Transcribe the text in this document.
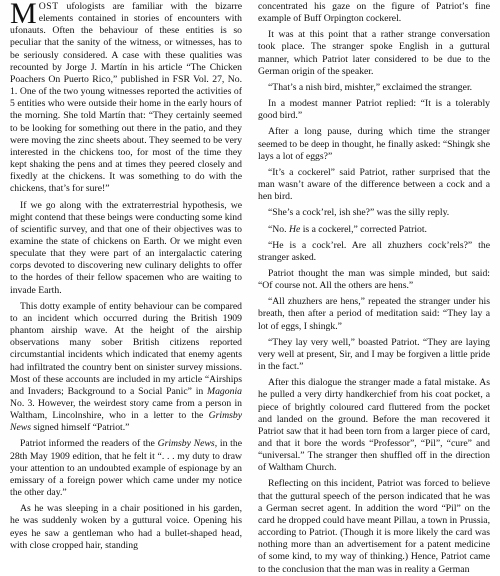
MOST ufologists are familiar with the bizarre elements contained in stories of encounters with ufonauts. Often the behaviour of these entities is so peculiar that the sanity of the witness, or witnesses, has to be seriously considered. A case with these qualities was recounted by Jorge J. Martín in his article “The Chicken Poachers On Puerto Rico,” published in FSR Vol. 27, No. 1. One of the two young witnesses reported the activities of 5 entities who were outside their home in the early hours of the morning. She told Martín that: “They certainly seemed to be looking for something out there in the patio, and they were moving the zinc sheets about. They seemed to be very interested in the chickens too, for most of the time they kept shaking the pens and at times they peered closely and fixedly at the chickens. It was something to do with the chickens, that’s for sure!”

If we go along with the extraterrestrial hypothesis, we might contend that these beings were conducting some kind of scientific survey, and that one of their objectives was to examine the state of chickens on Earth. Or we might even speculate that they were part of an intergalactic catering corps devoted to discovering new culinary delights to offer to the hordes of their fellow spacemen who are waiting to invade Earth.

This dotty example of entity behaviour can be compared to an incident which occurred during the British 1909 phantom airship wave. At the height of the airship observations many sober British citizens reported circumstantial incidents which indicated that enemy agents had infiltrated the country bent on sinister survey missions. Most of these accounts are included in my article “Airships and Invaders; Background to a Social Panic” in Magonia No. 3. However, the weirdest story came from a person in Waltham, Lincolnshire, who in a letter to the Grimsby News signed himself “Patriot.”

Patriot informed the readers of the Grimsby News, in the 28th May 1909 edition, that he felt it “. . . my duty to draw your attention to an undoubted example of espionage by an emissary of a foreign power which came under my notice the other day.”

As he was sleeping in a chair positioned in his garden, he was suddenly woken by a guttural voice. Opening his eyes he saw a gentleman who had a bullet-shaped head, with close cropped hair, standing

concentrated his gaze on the figure of Patriot’s fine example of Buff Orpington cockerel.

It was at this point that a rather strange conversation took place. The stranger spoke English in a guttural manner, which Patriot later considered to be due to the German origin of the speaker.

“That’s a nish bird, mishter,” exclaimed the stranger.

In a modest manner Patriot replied: “It is a tolerably good bird.”

After a long pause, during which time the stranger seemed to be deep in thought, he finally asked: “Shingk she lays a lot of eggs?”

“It’s a cockerel” said Patriot, rather surprised that the man wasn’t aware of the difference between a cock and a hen bird.

“She’s a cock’rel, ish she?” was the silly reply.

“No. He is a cockerel,” corrected Patriot.

“He is a cock’rel. Are all zhuzhers cock’rels?” the stranger asked.

Patriot thought the man was simple minded, but said: “Of course not. All the others are hens.”

“All zhuzhers are hens,” repeated the stranger under his breath, then after a period of meditation said: “They lay a lot of eggs, I shingk.”

“They lay very well,” boasted Patriot. “They are laying very well at present, Sir, and I may be forgiven a little pride in the fact.”

After this dialogue the stranger made a fatal mistake. As he pulled a very dirty handkerchief from his coat pocket, a piece of brightly coloured card fluttered from the pocket and landed on the ground. Before the man recovered it Patriot saw that it had been torn from a larger piece of card, and that it bore the words “Professor”, “Pil”, “cure” and “universal.” The stranger then shuffled off in the direction of Waltham Church.

Reflecting on this incident, Patriot was forced to believe that the guttural speech of the person indicated that he was a German secret agent. In addition the word “Pil” on the card he dropped could have meant Pillau, a town in Prussia, according to Patriot. (Though it is more likely the card was nothing more than an advertisement for a patent medicine of some kind, to my way of thinking.) Hence, Patriot came to the conclusion that the man was in reality a German
